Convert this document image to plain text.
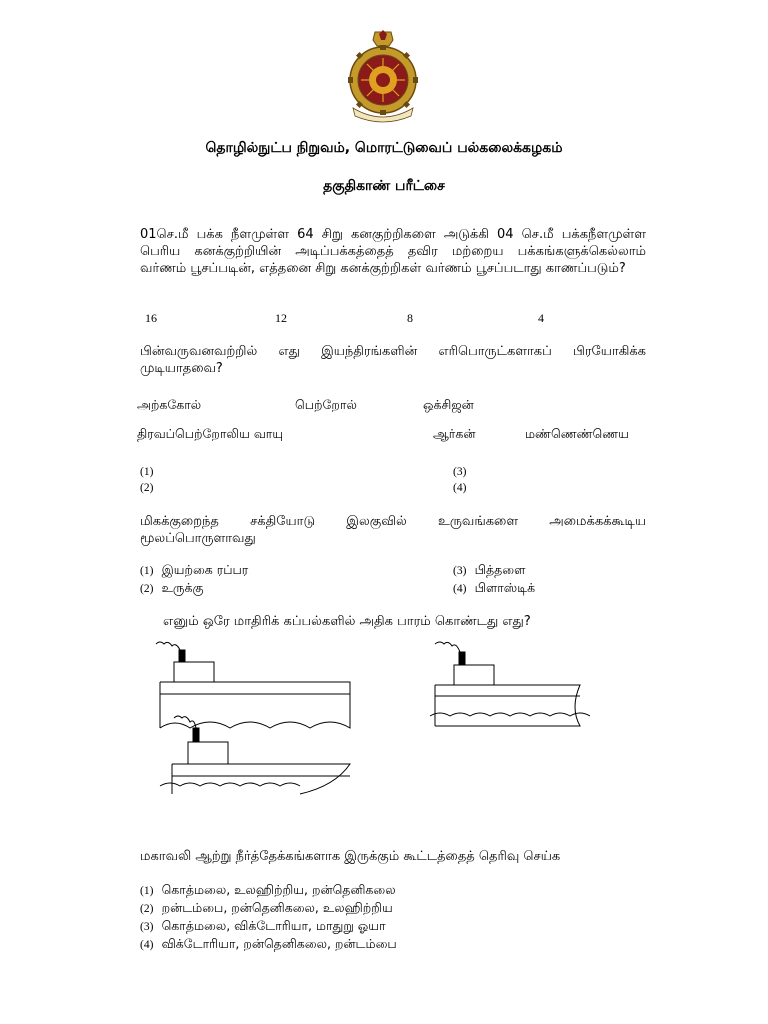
தொழில்நுட்ப நிறுவம், மொரட்டுவைப் பல்கலைக்கழகம்
தகுதிகாண் பரீட்சை
01செ.மீ பக்க நீளமுள்ள 64 சிறு கனகுற்றிகளை அடுக்கி 04 செ.மீ பக்கநீளமுள்ள பெரிய கனக்குற்றியின் அடிப்பக்கத்தைத் தவிர மற்றைய பக்கங்களுக்கெல்லாம் வர்ணம் பூசப்படின், எத்தனை சிறு கனக்குற்றிகள் வர்ணம் பூசப்படாது காணப்படும்?
16	12	8	4
பின்வருவனவற்றில் எது இயந்திரங்களின் எரிபொருட்களாகப் பிரயோகிக்க முடியாதவை?
அற்ககோல்	பெற்றோல்	ஒக்சிஜன்
திரவப்பெற்றோலிய வாயு	ஆர்கன்	மண்ணெண்ணெய
(1)	(3)
(2)	(4)
மிகக்குறைந்த சக்தியோடு இலகுவில் உருவங்களை அமைக்கக்கூடிய மூலப்பொருளாவது
(1) இயற்கை ரப்பர	(3) பித்தளை
(2) உருக்கு	(4) பிளாஸ்டிக்
எனும் ஒரே மாதிரிக் கப்பல்களில் அதிக பாரம் கொண்டது எது?
மகாவலி ஆற்று நீர்த்தேக்கங்களாக இருக்கும் கூட்டத்தைத் தெரிவு செய்க
(1) கொத்மலை, உலஹிற்றிய, றன்தெனிகலை
(2) றன்டம்பை, றன்தெனிகலை, உலஹிற்றிய
(3) கொத்மலை, விக்டோரியா, மாதுறு ஓயா
(4) விக்டோரியா, றன்தெனிகலை, றன்டம்பை
